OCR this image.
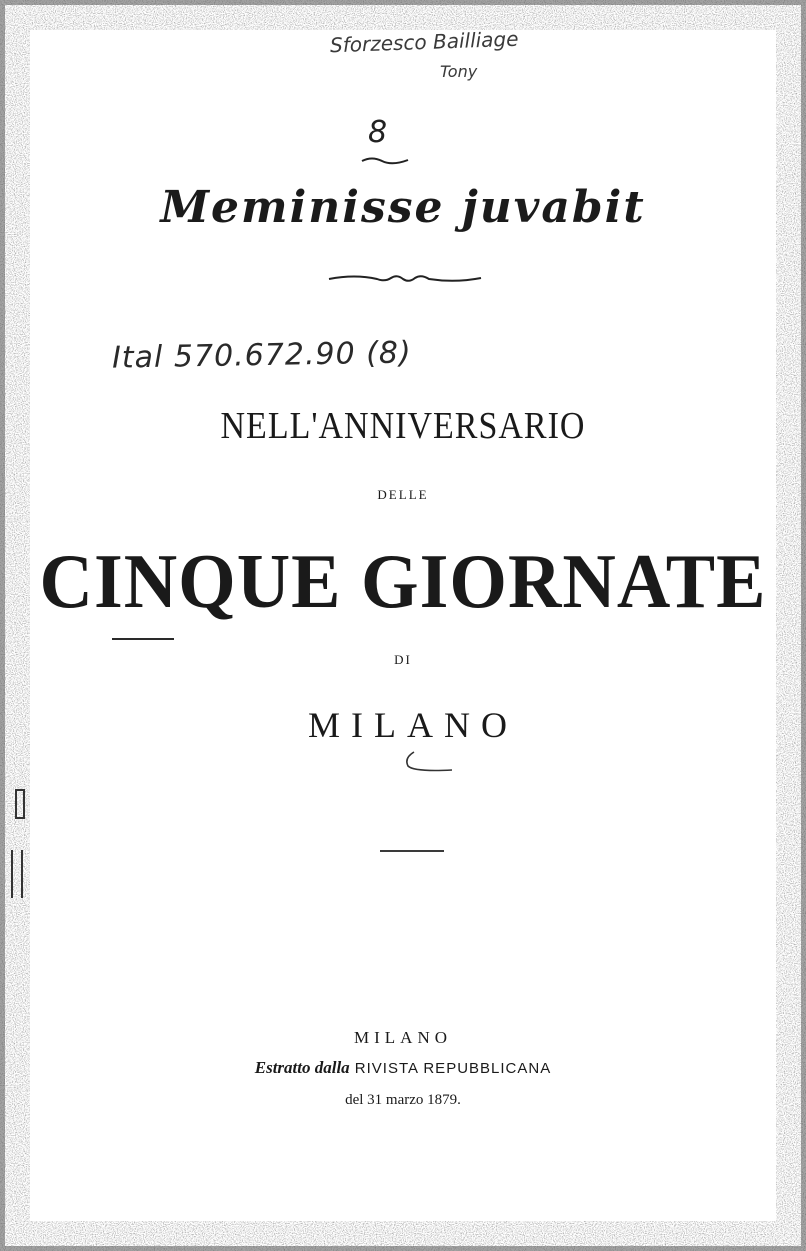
Sforzesco Bailliage
Tony
8
Meminisse juvabit
Ital 570.672.90 (8)
NELL'ANNIVERSARIO
DELLE
CINQUE GIORNATE
DI
MILANO
MILANO
Estratto dalla RIVISTA REPUBBLICANA
del 31 marzo 1879.
